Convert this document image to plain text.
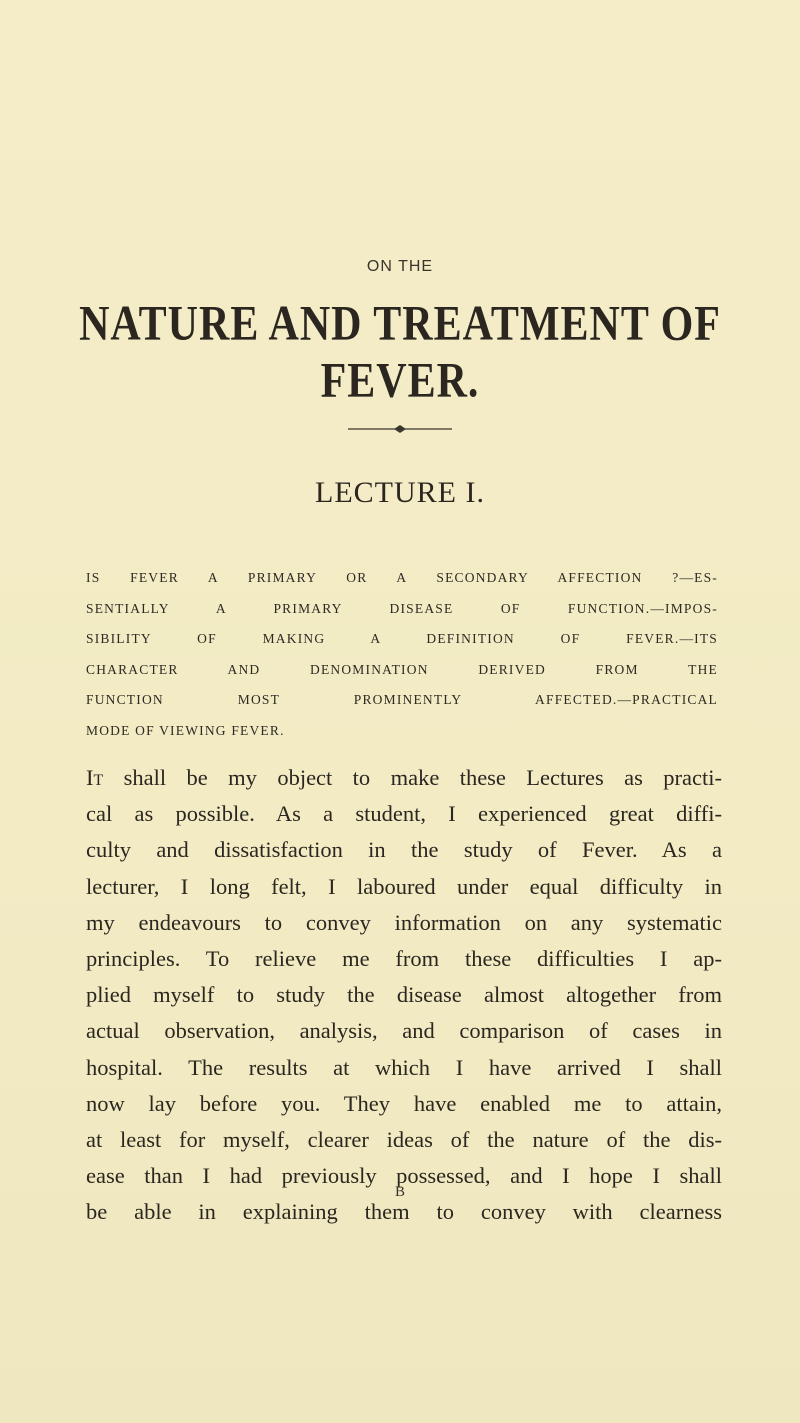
ON THE
NATURE AND TREATMENT OF FEVER.
LECTURE I.
IS FEVER A PRIMARY OR A SECONDARY AFFECTION ?—ES-
SENTIALLY A PRIMARY DISEASE OF FUNCTION.—IMPOS-
SIBILITY OF MAKING A DEFINITION OF FEVER.—ITS
CHARACTER AND DENOMINATION DERIVED FROM THE
FUNCTION MOST PROMINENTLY AFFECTED.—PRACTICAL
MODE OF VIEWING FEVER.
It shall be my object to make these Lectures as practi-
cal as possible. As a student, I experienced great diffi-
culty and dissatisfaction in the study of Fever. As a
lecturer, I long felt, I laboured under equal difficulty in
my endeavours to convey information on any systematic
principles. To relieve me from these difficulties I ap-
plied myself to study the disease almost altogether from
actual observation, analysis, and comparison of cases in
hospital. The results at which I have arrived I shall
now lay before you. They have enabled me to attain,
at least for myself, clearer ideas of the nature of the dis-
ease than I had previously possessed, and I hope I shall
be able in explaining them to convey with clearness
B
